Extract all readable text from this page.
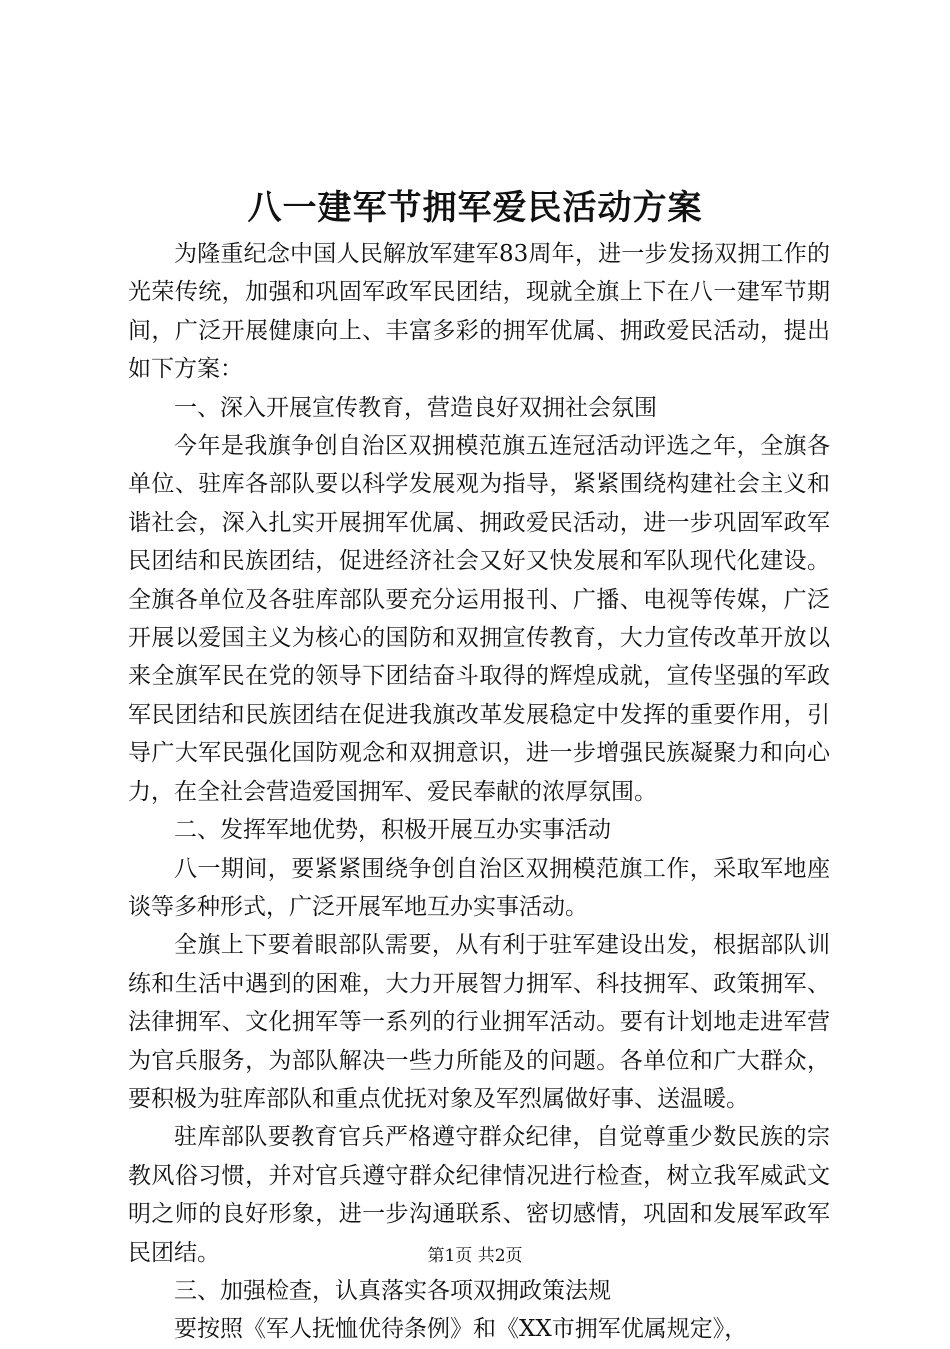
八一建军节拥军爱民活动方案

为隆重纪念中国人民解放军建军83周年，进一步发扬双拥工作的光荣传统，加强和巩固军政军民团结，现就全旗上下在八一建军节期间，广泛开展健康向上、丰富多彩的拥军优属、拥政爱民活动，提出如下方案：

一、深入开展宣传教育，营造良好双拥社会氛围

今年是我旗争创自治区双拥模范旗五连冠活动评选之年，全旗各单位、驻库各部队要以科学发展观为指导，紧紧围绕构建社会主义和谐社会，深入扎实开展拥军优属、拥政爱民活动，进一步巩固军政军民团结和民族团结，促进经济社会又好又快发展和军队现代化建设。全旗各单位及各驻库部队要充分运用报刊、广播、电视等传媒，广泛开展以爱国主义为核心的国防和双拥宣传教育，大力宣传改革开放以来全旗军民在党的领导下团结奋斗取得的辉煌成就，宣传坚强的军政军民团结和民族团结在促进我旗改革发展稳定中发挥的重要作用，引导广大军民强化国防观念和双拥意识，进一步增强民族凝聚力和向心力，在全社会营造爱国拥军、爱民奉献的浓厚氛围。

二、发挥军地优势，积极开展互办实事活动

八一期间，要紧紧围绕争创自治区双拥模范旗工作，采取军地座谈等多种形式，广泛开展军地互办实事活动。

全旗上下要着眼部队需要，从有利于驻军建设出发，根据部队训练和生活中遇到的困难，大力开展智力拥军、科技拥军、政策拥军、法律拥军、文化拥军等一系列的行业拥军活动。要有计划地走进军营为官兵服务，为部队解决一些力所能及的问题。各单位和广大群众，要积极为驻库部队和重点优抚对象及军烈属做好事、送温暖。

驻库部队要教育官兵严格遵守群众纪律，自觉尊重少数民族的宗教风俗习惯，并对官兵遵守群众纪律情况进行检查，树立我军威武文明之师的良好形象，进一步沟通联系、密切感情，巩固和发展军政军民团结。

三、加强检查，认真落实各项双拥政策法规

要按照《军人抚恤优待条例》和《XX市拥军优属规定》，

第1页 共2页
